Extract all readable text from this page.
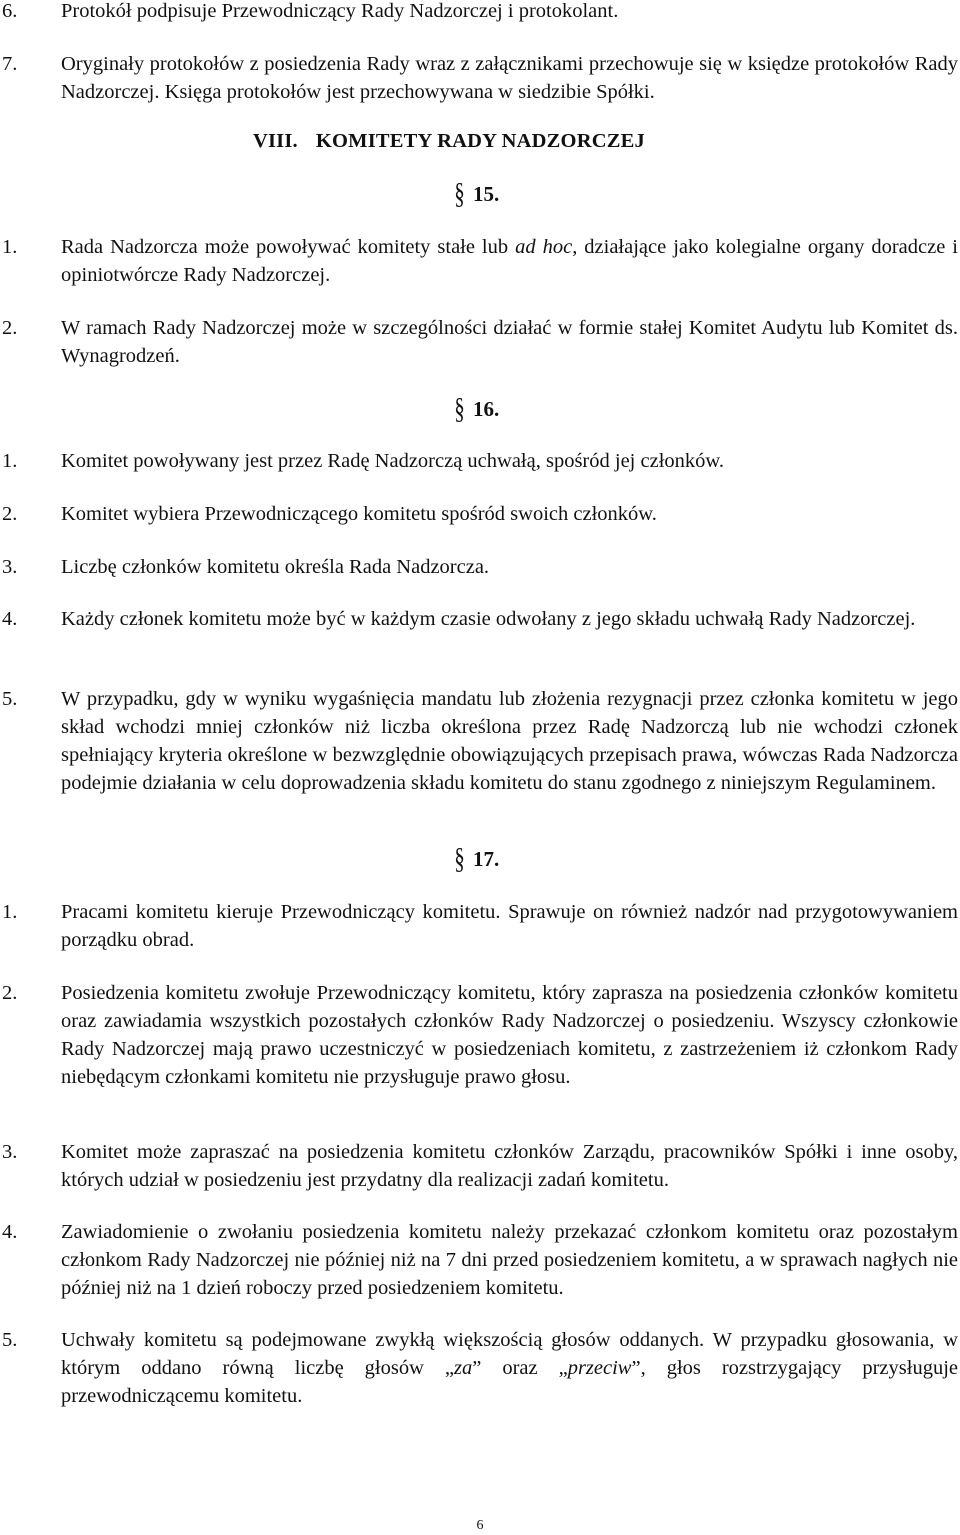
6. Protokół podpisuje Przewodniczący Rady Nadzorczej i protokolant.
7. Oryginały protokołów z posiedzenia Rady wraz z załącznikami przechowuje się w księdze protokołów Rady Nadzorczej. Księga protokołów jest przechowywana w siedzibie Spółki.
VIII. KOMITETY RADY NADZORCZEJ
§ 15.
1. Rada Nadzorcza może powoływać komitety stałe lub ad hoc, działające jako kolegialne organy doradcze i opiniotwórcze Rady Nadzorczej.
2. W ramach Rady Nadzorczej może w szczególności działać w formie stałej Komitet Audytu lub Komitet ds. Wynagrodzeń.
§ 16.
1. Komitet powoływany jest przez Radę Nadzorczą uchwałą, spośród jej członków.
2. Komitet wybiera Przewodniczącego komitetu spośród swoich członków.
3. Liczbę członków komitetu określa Rada Nadzorcza.
4. Każdy członek komitetu może być w każdym czasie odwołany z jego składu uchwałą Rady Nadzorczej.
5. W przypadku, gdy w wyniku wygaśnięcia mandatu lub złożenia rezygnacji przez członka komitetu w jego skład wchodzi mniej członków niż liczba określona przez Radę Nadzorczą lub nie wchodzi członek spełniający kryteria określone w bezwzględnie obowiązujących przepisach prawa, wówczas Rada Nadzorcza podejmie działania w celu doprowadzenia składu komitetu do stanu zgodnego z niniejszym Regulaminem.
§ 17.
1. Pracami komitetu kieruje Przewodniczący komitetu. Sprawuje on również nadzór nad przygotowywaniem porządku obrad.
2. Posiedzenia komitetu zwołuje Przewodniczący komitetu, który zaprasza na posiedzenia członków komitetu oraz zawiadamia wszystkich pozostałych członków Rady Nadzorczej o posiedzeniu. Wszyscy członkowie Rady Nadzorczej mają prawo uczestniczyć w posiedzeniach komitetu, z zastrzeżeniem iż członkom Rady niebędącym członkami komitetu nie przysługuje prawo głosu.
3. Komitet może zapraszać na posiedzenia komitetu członków Zarządu, pracowników Spółki i inne osoby, których udział w posiedzeniu jest przydatny dla realizacji zadań komitetu.
4. Zawiadomienie o zwołaniu posiedzenia komitetu należy przekazać członkom komitetu oraz pozostałym członkom Rady Nadzorczej nie później niż na 7 dni przed posiedzeniem komitetu, a w sprawach nagłych nie później niż na 1 dzień roboczy przed posiedzeniem komitetu.
5. Uchwały komitetu są podejmowane zwykłą większością głosów oddanych. W przypadku głosowania, w którym oddano równą liczbę głosów „za” oraz „przeciw”, głos rozstrzygający przysługuje przewodniczącemu komitetu.
6
